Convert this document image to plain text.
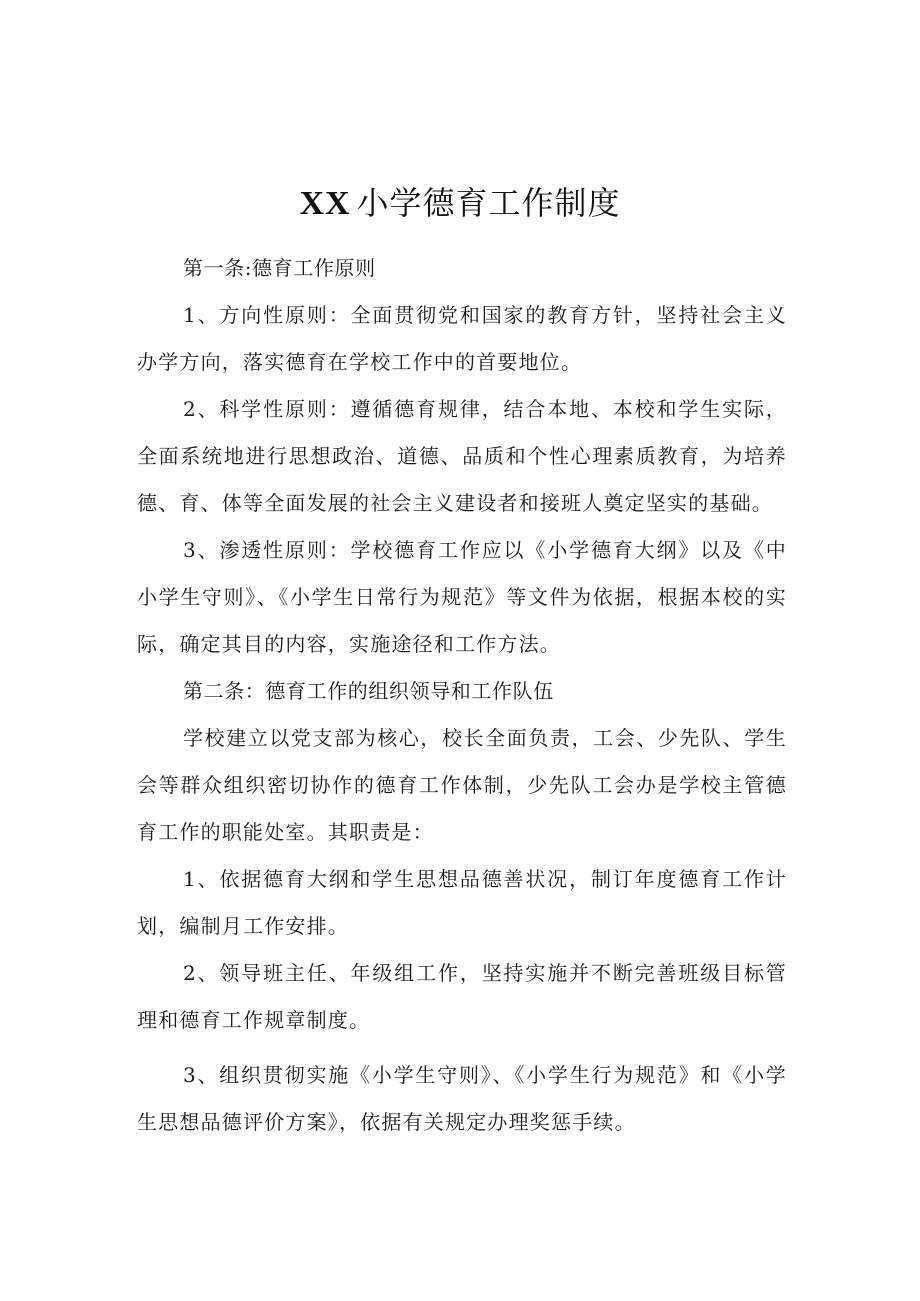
XX 小学德育工作制度

第一条:德育工作原则

1、方向性原则：全面贯彻党和国家的教育方针，坚持社会主义办学方向，落实德育在学校工作中的首要地位。

2、科学性原则：遵循德育规律，结合本地、本校和学生实际，全面系统地进行思想政治、道德、品质和个性心理素质教育，为培养德、育、体等全面发展的社会主义建设者和接班人奠定坚实的基础。

3、渗透性原则：学校德育工作应以《小学德育大纲》以及《中小学生守则》、《小学生日常行为规范》等文件为依据，根据本校的实际，确定其目的内容，实施途径和工作方法。

第二条：德育工作的组织领导和工作队伍

学校建立以党支部为核心，校长全面负责，工会、少先队、学生会等群众组织密切协作的德育工作体制，少先队工会办是学校主管德育工作的职能处室。其职责是：

1、依据德育大纲和学生思想品德善状况，制订年度德育工作计划，编制月工作安排。

2、领导班主任、年级组工作，坚持实施并不断完善班级目标管理和德育工作规章制度。

3、组织贯彻实施《小学生守则》、《小学生行为规范》和《小学生思想品德评价方案》，依据有关规定办理奖惩手续。
